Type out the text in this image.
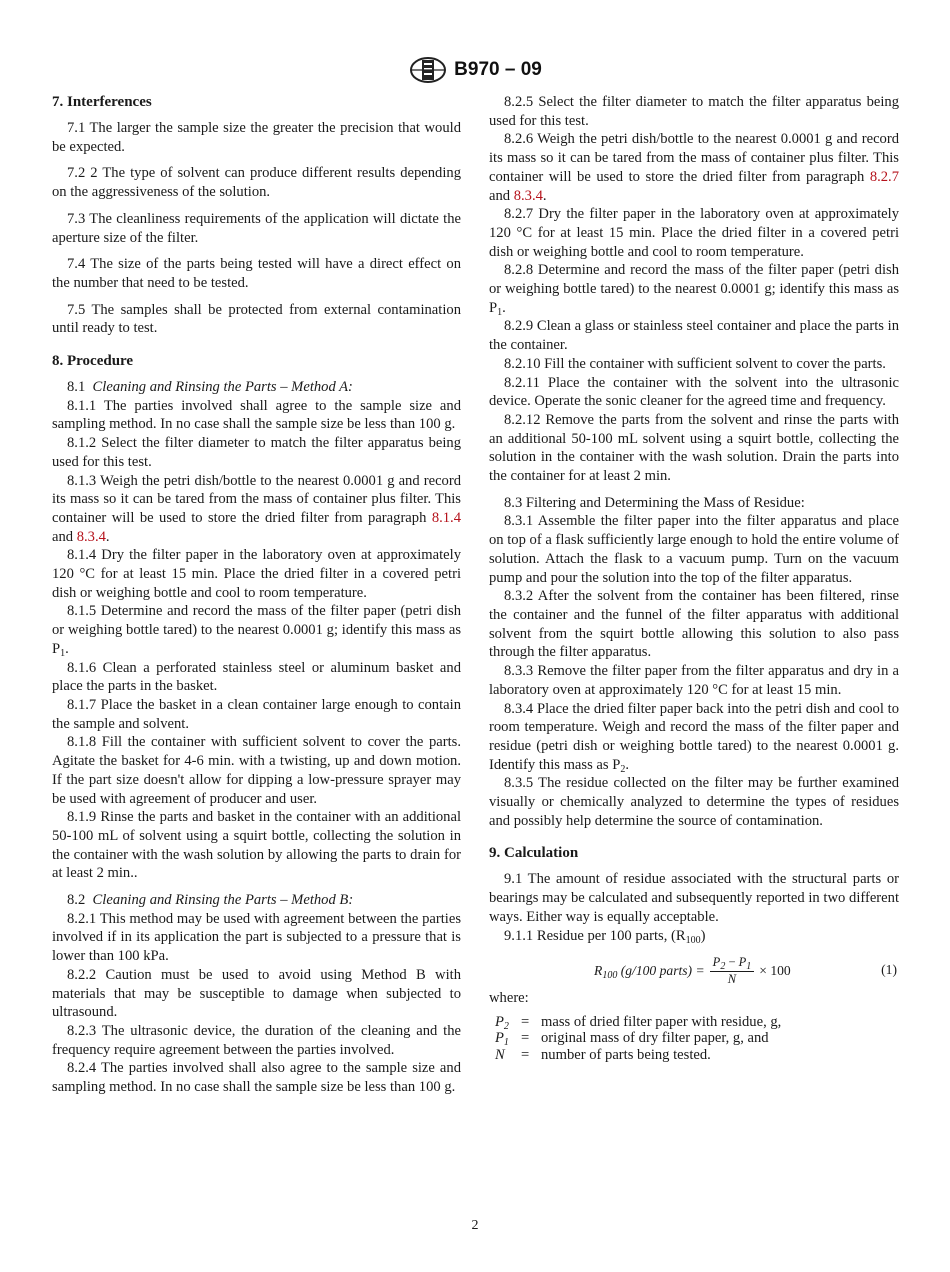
B970 – 09

7. Interferences

7.1 The larger the sample size the greater the precision that would be expected.

7.2 2 The type of solvent can produce different results depending on the aggressiveness of the solution.

7.3 The cleanliness requirements of the application will dictate the aperture size of the filter.

7.4 The size of the parts being tested will have a direct effect on the number that need to be tested.

7.5 The samples shall be protected from external contamination until ready to test.

8. Procedure

8.1 Cleaning and Rinsing the Parts – Method A:

8.1.1 The parties involved shall agree to the sample size and sampling method. In no case shall the sample size be less than 100 g.

8.1.2 Select the filter diameter to match the filter apparatus being used for this test.

8.1.3 Weigh the petri dish/bottle to the nearest 0.0001 g and record its mass so it can be tared from the mass of container plus filter. This container will be used to store the dried filter from paragraph 8.1.4 and 8.3.4.

8.1.4 Dry the filter paper in the laboratory oven at approximately 120 °C for at least 15 min. Place the dried filter in a covered petri dish or weighing bottle and cool to room temperature.

8.1.5 Determine and record the mass of the filter paper (petri dish or weighing bottle tared) to the nearest 0.0001 g; identify this mass as $P_1$.

8.1.6 Clean a perforated stainless steel or aluminum basket and place the parts in the basket.

8.1.7 Place the basket in a clean container large enough to contain the sample and solvent.

8.1.8 Fill the container with sufficient solvent to cover the parts. Agitate the basket for 4-6 min. with a twisting, up and down motion. If the part size doesn't allow for dipping a low-pressure sprayer may be used with agreement of producer and user.

8.1.9 Rinse the parts and basket in the container with an additional 50-100 mL of solvent using a squirt bottle, collecting the solution in the container with the wash solution by allowing the parts to drain for at least 2 min..

8.2 Cleaning and Rinsing the Parts – Method B:

8.2.1 This method may be used with agreement between the parties involved if in its application the part is subjected to a pressure that is lower than 100 kPa.

8.2.2 Caution must be used to avoid using Method B with materials that may be susceptible to damage when subjected to ultrasound.

8.2.3 The ultrasonic device, the duration of the cleaning and the frequency require agreement between the parties involved.

8.2.4 The parties involved shall also agree to the sample size and sampling method. In no case shall the sample size be less than 100 g.

8.2.5 Select the filter diameter to match the filter apparatus being used for this test.

8.2.6 Weigh the petri dish/bottle to the nearest 0.0001 g and record its mass so it can be tared from the mass of container plus filter. This container will be used to store the dried filter from paragraph 8.2.7 and 8.3.4.

8.2.7 Dry the filter paper in the laboratory oven at approximately 120 °C for at least 15 min. Place the dried filter in a covered petri dish or weighing bottle and cool to room temperature.

8.2.8 Determine and record the mass of the filter paper (petri dish or weighing bottle tared) to the nearest 0.0001 g; identify this mass as $P_1$.

8.2.9 Clean a glass or stainless steel container and place the parts in the container.

8.2.10 Fill the container with sufficient solvent to cover the parts.

8.2.11 Place the container with the solvent into the ultrasonic device. Operate the sonic cleaner for the agreed time and frequency.

8.2.12 Remove the parts from the solvent and rinse the parts with an additional 50-100 mL solvent using a squirt bottle, collecting the solution in the container with the wash solution. Drain the parts into the container for at least 2 min.

8.3 Filtering and Determining the Mass of Residue:

8.3.1 Assemble the filter paper into the filter apparatus and place on top of a flask sufficiently large enough to hold the entire volume of solution. Attach the flask to a vacuum pump. Turn on the vacuum pump and pour the solution into the top of the filter apparatus.

8.3.2 After the solvent from the container has been filtered, rinse the container and the funnel of the filter apparatus with additional solvent from the squirt bottle allowing this solution to also pass through the filter apparatus.

8.3.3 Remove the filter paper from the filter apparatus and dry in a laboratory oven at approximately 120 °C for at least 15 min.

8.3.4 Place the dried filter paper back into the petri dish and cool to room temperature. Weigh and record the mass of the filter paper and residue (petri dish or weighing bottle tared) to the nearest 0.0001 g. Identify this mass as $P_2$.

8.3.5 The residue collected on the filter may be further examined visually or chemically analyzed to determine the types of residues and possibly help determine the source of contamination.

9. Calculation

9.1 The amount of residue associated with the structural parts or bearings may be calculated and subsequently reported in two different ways. Either way is equally acceptable.

9.1.1 Residue per 100 parts, $(R_{100})$

$R_{100}$ (g/100 parts) = $\frac{P_2 - P_1}{N} \times 100$	(1)

where:

$P_2$ = mass of dried filter paper with residue, g,
$P_1$ = original mass of dry filter paper, g, and
N	= number of parts being tested.
2
